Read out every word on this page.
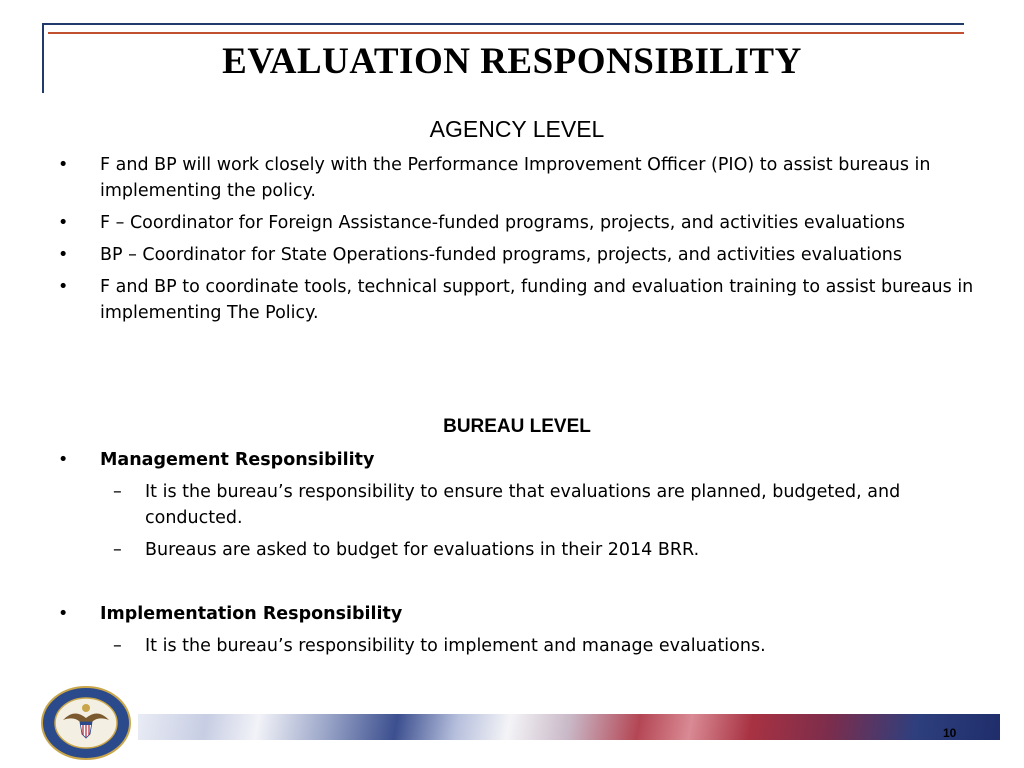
EVALUATION RESPONSIBILITY
AGENCY LEVEL
• F and BP will work closely with the Performance Improvement Officer (PIO) to assist bureaus in implementing the policy.
• F – Coordinator for Foreign Assistance-funded programs, projects, and activities evaluations
• BP – Coordinator for State Operations-funded programs, projects, and activities evaluations
• F and BP to coordinate tools, technical support, funding and evaluation training to assist bureaus in implementing The Policy.
BUREAU LEVEL
• Management Responsibility
– It is the bureau’s responsibility to ensure that evaluations are planned, budgeted, and conducted.
– Bureaus are asked to budget for evaluations in their 2014 BRR.
• Implementation Responsibility
– It is the bureau’s responsibility to implement and manage evaluations.
10
